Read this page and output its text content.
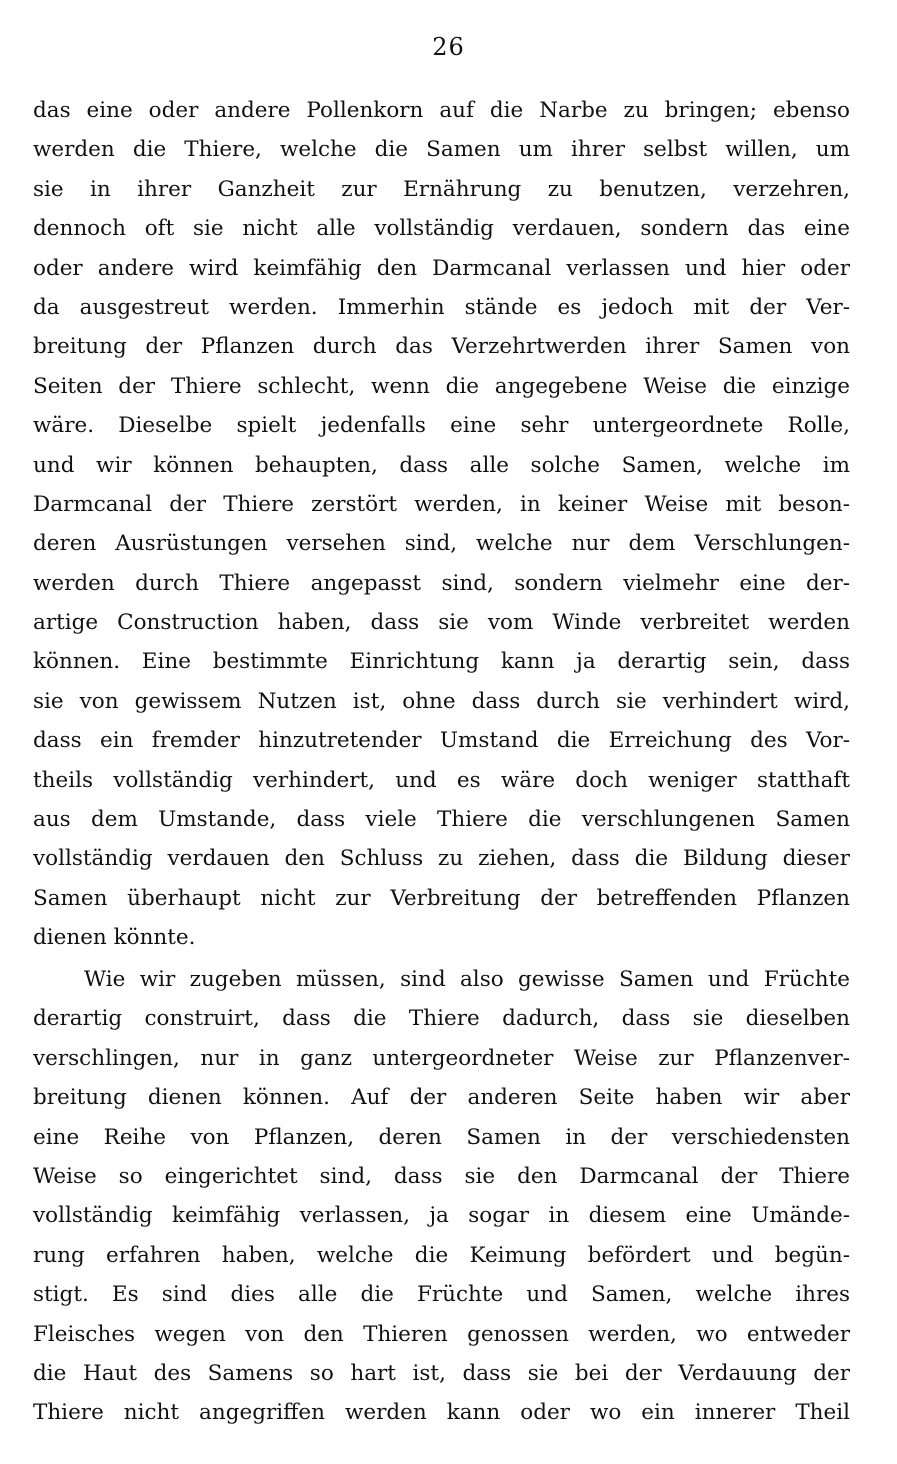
26
das eine oder andere Pollenkorn auf die Narbe zu bringen; ebenso
werden die Thiere, welche die Samen um ihrer selbst willen, um
sie in ihrer Ganzheit zur Ernährung zu benutzen, verzehren,
dennoch oft sie nicht alle vollständig verdauen, sondern das eine
oder andere wird keimfähig den Darmcanal verlassen und hier oder
da ausgestreut werden. Immerhin stände es jedoch mit der Ver-
breitung der Pflanzen durch das Verzehrtwerden ihrer Samen von
Seiten der Thiere schlecht, wenn die angegebene Weise die einzige
wäre. Dieselbe spielt jedenfalls eine sehr untergeordnete Rolle,
und wir können behaupten, dass alle solche Samen, welche im
Darmcanal der Thiere zerstört werden, in keiner Weise mit beson-
deren Ausrüstungen versehen sind, welche nur dem Verschlungen-
werden durch Thiere angepasst sind, sondern vielmehr eine der-
artige Construction haben, dass sie vom Winde verbreitet werden
können. Eine bestimmte Einrichtung kann ja derartig sein, dass
sie von gewissem Nutzen ist, ohne dass durch sie verhindert wird,
dass ein fremder hinzutretender Umstand die Erreichung des Vor-
theils vollständig verhindert, und es wäre doch weniger statthaft
aus dem Umstande, dass viele Thiere die verschlungenen Samen
vollständig verdauen den Schluss zu ziehen, dass die Bildung dieser
Samen überhaupt nicht zur Verbreitung der betreffenden Pflanzen
dienen könnte.
Wie wir zugeben müssen, sind also gewisse Samen und Früchte
derartig construirt, dass die Thiere dadurch, dass sie dieselben
verschlingen, nur in ganz untergeordneter Weise zur Pflanzenver-
breitung dienen können. Auf der anderen Seite haben wir aber
eine Reihe von Pflanzen, deren Samen in der verschiedensten
Weise so eingerichtet sind, dass sie den Darmcanal der Thiere
vollständig keimfähig verlassen, ja sogar in diesem eine Umände-
rung erfahren haben, welche die Keimung befördert und begün-
stigt. Es sind dies alle die Früchte und Samen, welche ihres
Fleisches wegen von den Thieren genossen werden, wo entweder
die Haut des Samens so hart ist, dass sie bei der Verdauung der
Thiere nicht angegriffen werden kann oder wo ein innerer Theil
